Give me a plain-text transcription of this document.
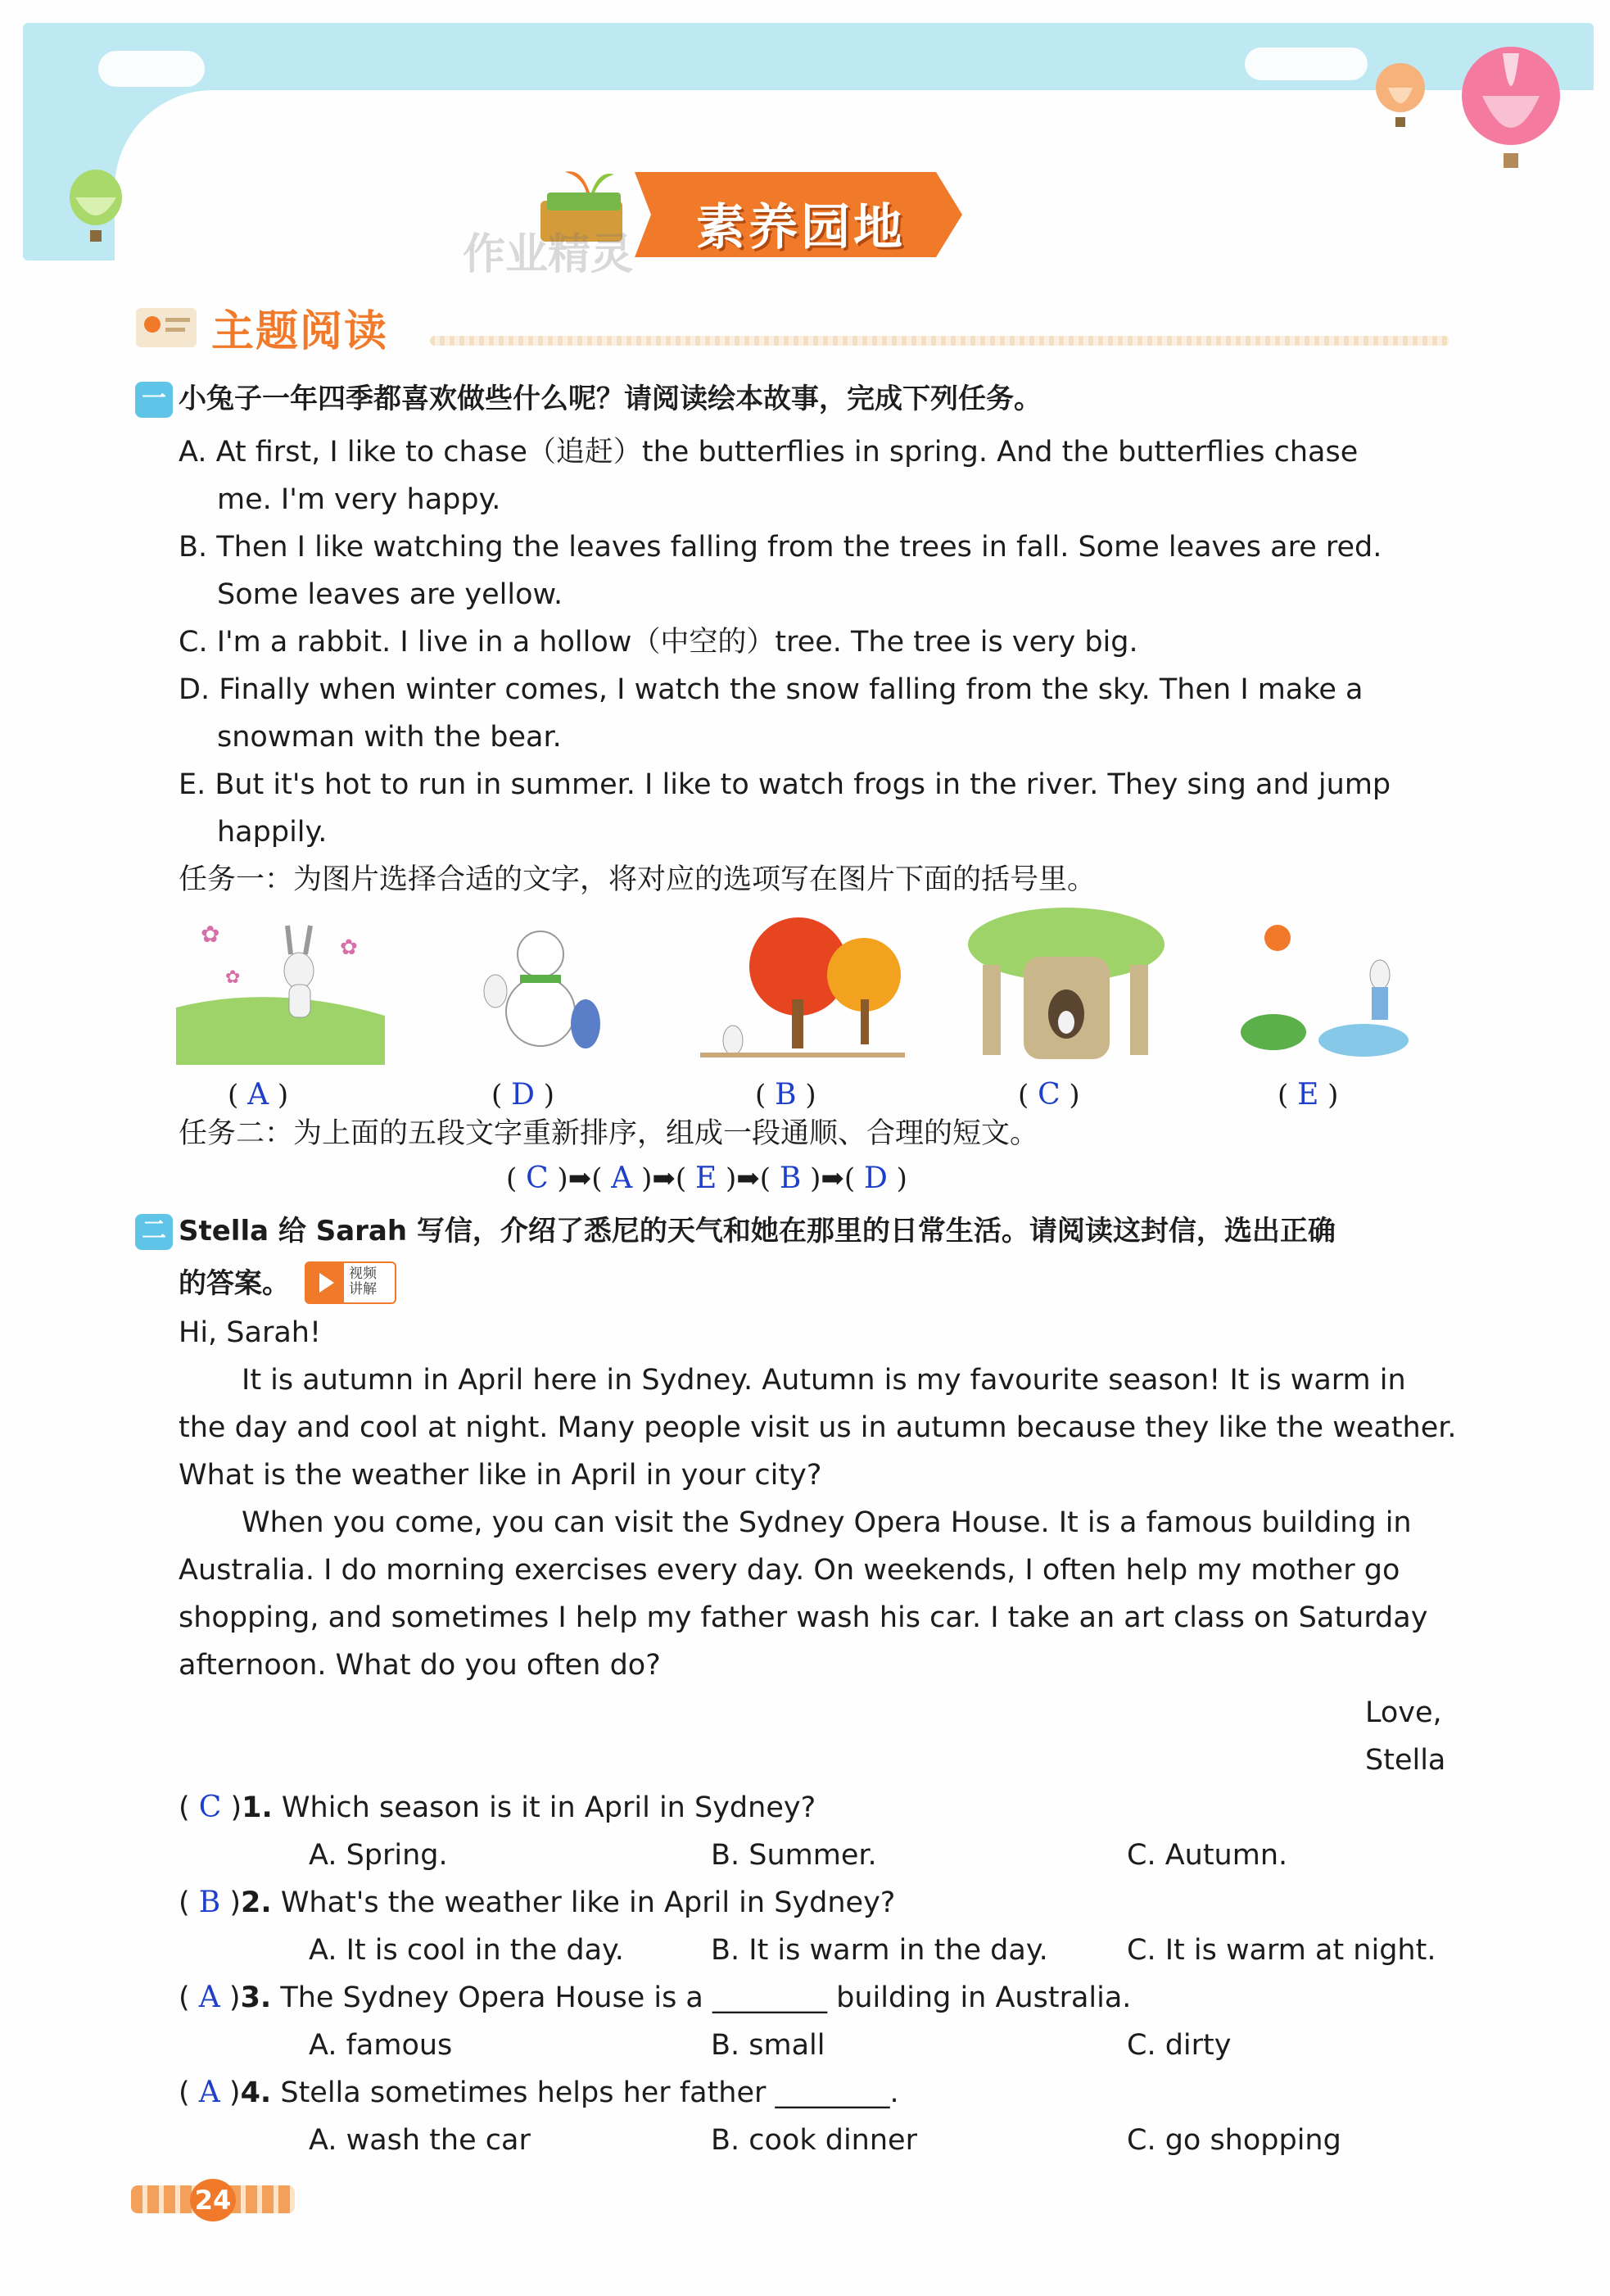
素养园地
作业精灵
主题阅读
一 小兔子一年四季都喜欢做些什么呢？请阅读绘本故事，完成下列任务。
A. At first, I like to chase（追赶）the butterflies in spring. And the butterflies chase
me. I'm very happy.
B. Then I like watching the leaves falling from the trees in fall. Some leaves are red.
Some leaves are yellow.
C. I'm a rabbit. I live in a hollow（中空的）tree. The tree is very big.
D. Finally when winter comes, I watch the snow falling from the sky. Then I make a
snowman with the bear.
E. But it's hot to run in summer. I like to watch frogs in the river. They sing and jump
happily.
任务一：为图片选择合适的文字，将对应的选项写在图片下面的括号里。
✿	✿
✿
( A )	( D )	( B )	( C )	( E )
任务二：为上面的五段文字重新排序，组成一段通顺、合理的短文。
( C )➡( A )➡( E )➡( B )➡( D )
二 Stella 给 Sarah 写信，介绍了悉尼的天气和她在那里的日常生活。请阅读这封信，选出正确
的答案。	视频
讲解
Hi, Sarah!
It is autumn in April here in Sydney. Autumn is my favourite season! It is warm in
the day and cool at night. Many people visit us in autumn because they like the weather.
What is the weather like in April in your city?
When you come, you can visit the Sydney Opera House. It is a famous building in
Australia. I do morning exercises every day. On weekends, I often help my mother go
shopping, and sometimes I help my father wash his car. I take an art class on Saturday
afternoon. What do you often do?
Love,
Stella
( C )1. Which season is it in April in Sydney?
A. Spring.	B. Summer.	C. Autumn.
( B )2. What's the weather like in April in Sydney?
A. It is cool in the day.	B. It is warm in the day.	C. It is warm at night.
( A )3. The Sydney Opera House is a ________ building in Australia.
A. famous	B. small	C. dirty
( A )4. Stella sometimes helps her father ________.
A. wash the car	B. cook dinner	C. go shopping
24
